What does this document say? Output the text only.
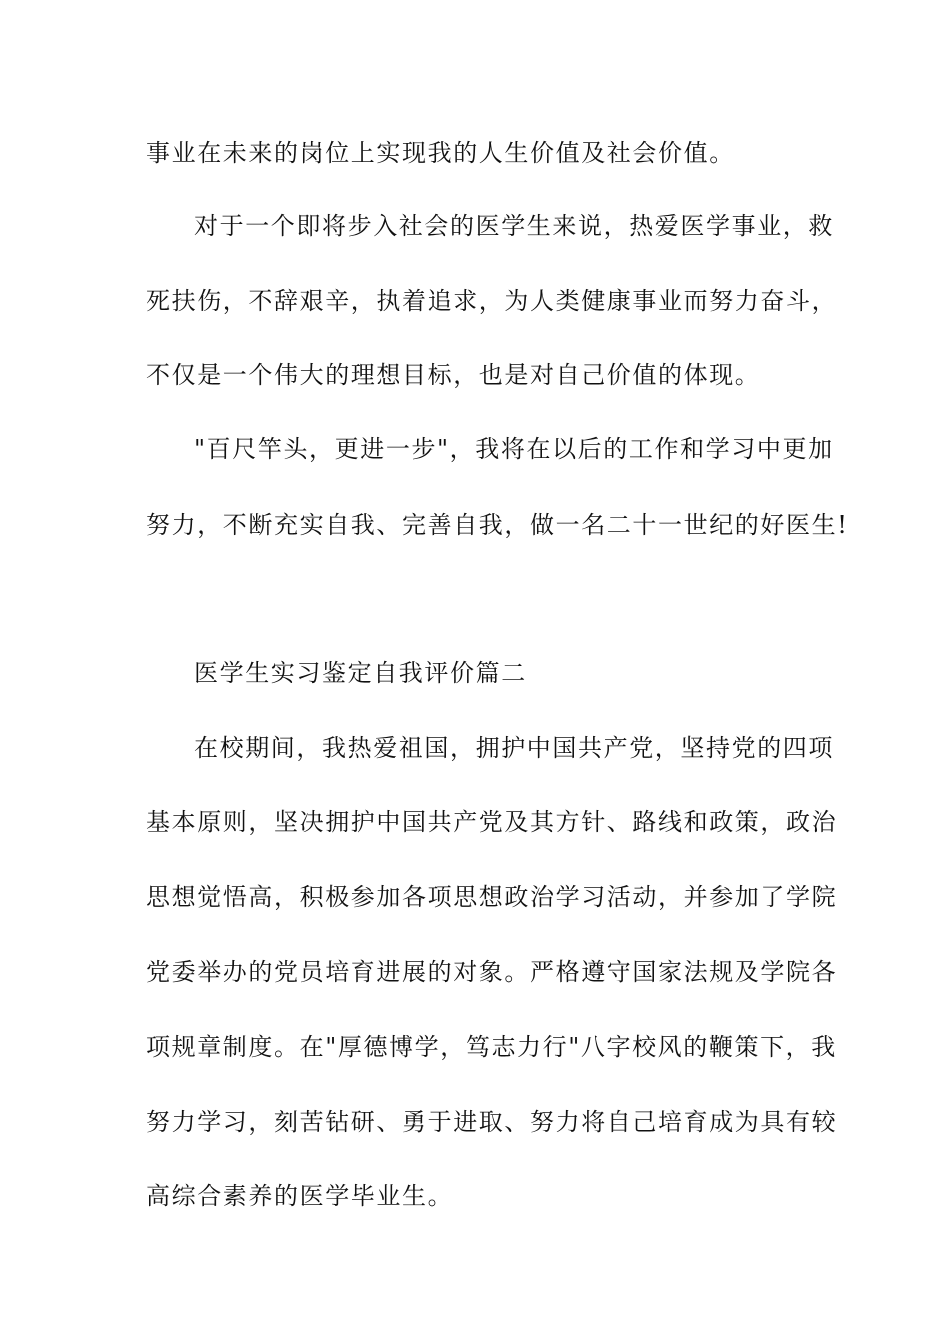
事业在未来的岗位上实现我的人生价值及社会价值。
对于一个即将步入社会的医学生来说，热爱医学事业，救
死扶伤，不辞艰辛，执着追求，为人类健康事业而努力奋斗，
不仅是一个伟大的理想目标，也是对自己价值的体现。
"百尺竿头，更进一步"，我将在以后的工作和学习中更加
努力，不断充实自我、完善自我，做一名二十一世纪的好医生!
医学生实习鉴定自我评价篇二
在校期间，我热爱祖国，拥护中国共产党，坚持党的四项
基本原则，坚决拥护中国共产党及其方针、路线和政策，政治
思想觉悟高，积极参加各项思想政治学习活动，并参加了学院
党委举办的党员培育进展的对象。严格遵守国家法规及学院各
项规章制度。在"厚德博学，笃志力行"八字校风的鞭策下，我
努力学习，刻苦钻研、勇于进取、努力将自己培育成为具有较
高综合素养的医学毕业生。
